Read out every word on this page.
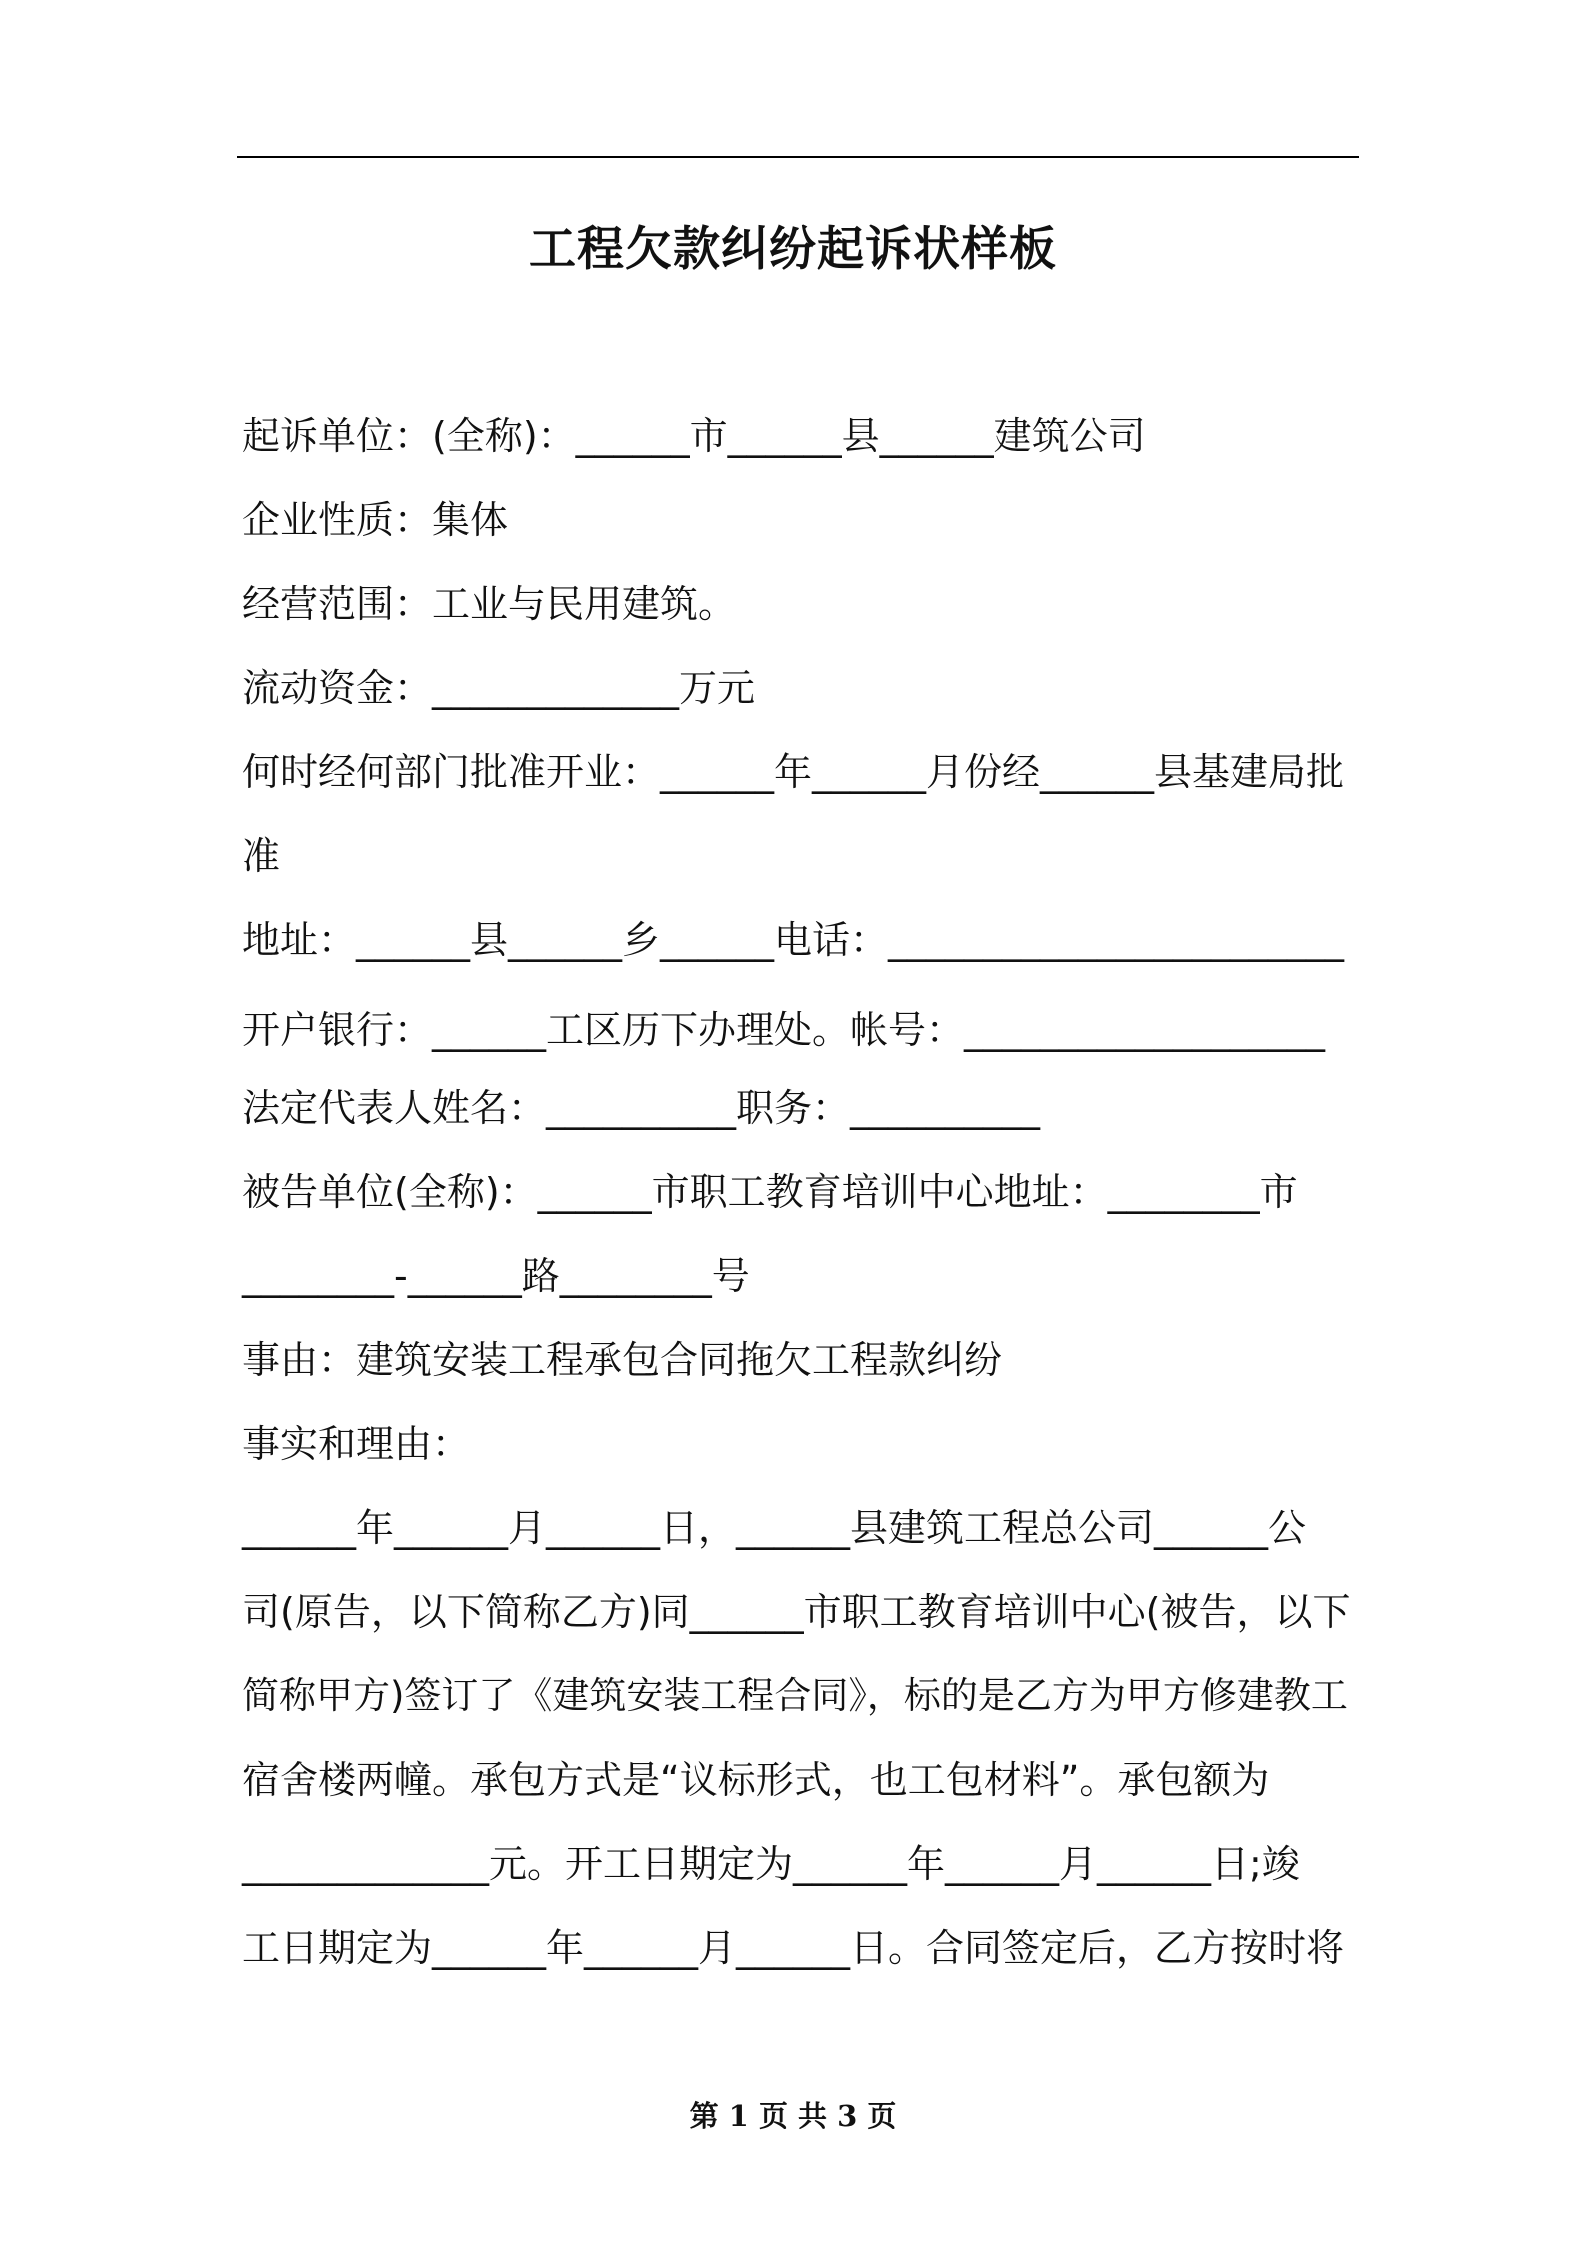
工程欠款纠纷起诉状样板
起诉单位：(全称)：______市______县______建筑公司
企业性质：集体
经营范围：工业与民用建筑。
流动资金：_____________万元
何时经何部门批准开业：______年______月份经______县基建局批
准
地址：______县______乡______电话：________________________
开户银行：______工区历下办理处。帐号：___________________
法定代表人姓名：__________职务：__________
被告单位(全称)：______市职工教育培训中心地址：________市
________-______路________号
事由：建筑安装工程承包合同拖欠工程款纠纷
事实和理由：
______年______月______日，______县建筑工程总公司______公
司(原告，以下简称乙方)同______市职工教育培训中心(被告，以下
简称甲方)签订了《建筑安装工程合同》，标的是乙方为甲方修建教工
宿舍楼两幢。承包方式是“议标形式，也工包材料”。承包额为
_____________元。开工日期定为______年______月______日;竣
工日期定为______年______月______日。合同签定后，乙方按时将
第 1 页 共 3 页
